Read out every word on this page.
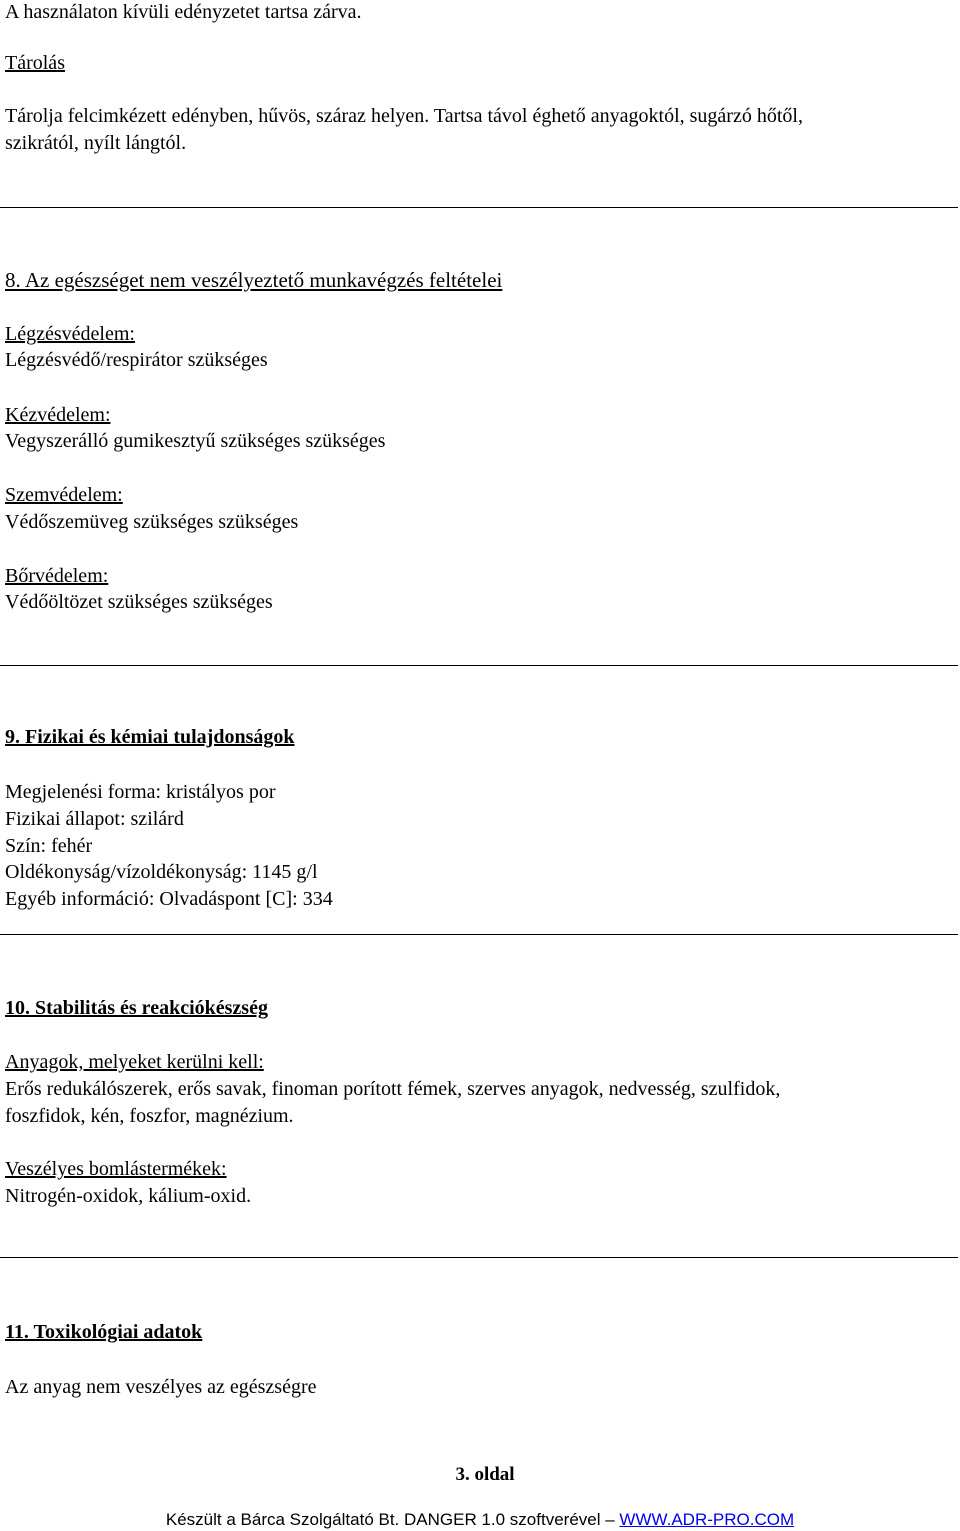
A használaton kívüli edényzetet tartsa zárva.
Tárolás
Tárolja felcimkézett edényben, hűvös, száraz helyen. Tartsa távol éghető anyagoktól, sugárzó hőtől,
szikrától, nyílt lángtól.
8. Az egészséget nem veszélyeztető munkavégzés feltételei
Légzésvédelem:
Légzésvédő/respirátor szükséges
Kézvédelem:
Vegyszerálló gumikesztyű szükséges szükséges
Szemvédelem:
Védőszemüveg szükséges szükséges
Bőrvédelem:
Védőöltözet szükséges szükséges
9. Fizikai és kémiai tulajdonságok
Megjelenési forma: kristályos por
Fizikai állapot: szilárd
Szín: fehér
Oldékonyság/vízoldékonyság: 1145 g/l
Egyéb információ: Olvadáspont [C]: 334
10. Stabilitás és reakciókészség
Anyagok, melyeket kerülni kell:
Erős redukálószerek, erős savak, finoman porított fémek, szerves anyagok, nedvesség, szulfidok,
foszfidok, kén, foszfor, magnézium.
Veszélyes bomlástermékek:
Nitrogén-oxidok, kálium-oxid.
11. Toxikológiai adatok
Az anyag nem veszélyes az egészségre
3. oldal
Készült a Bárca Szolgáltató Bt. DANGER 1.0 szoftverével – WWW.ADR-PRO.COM
